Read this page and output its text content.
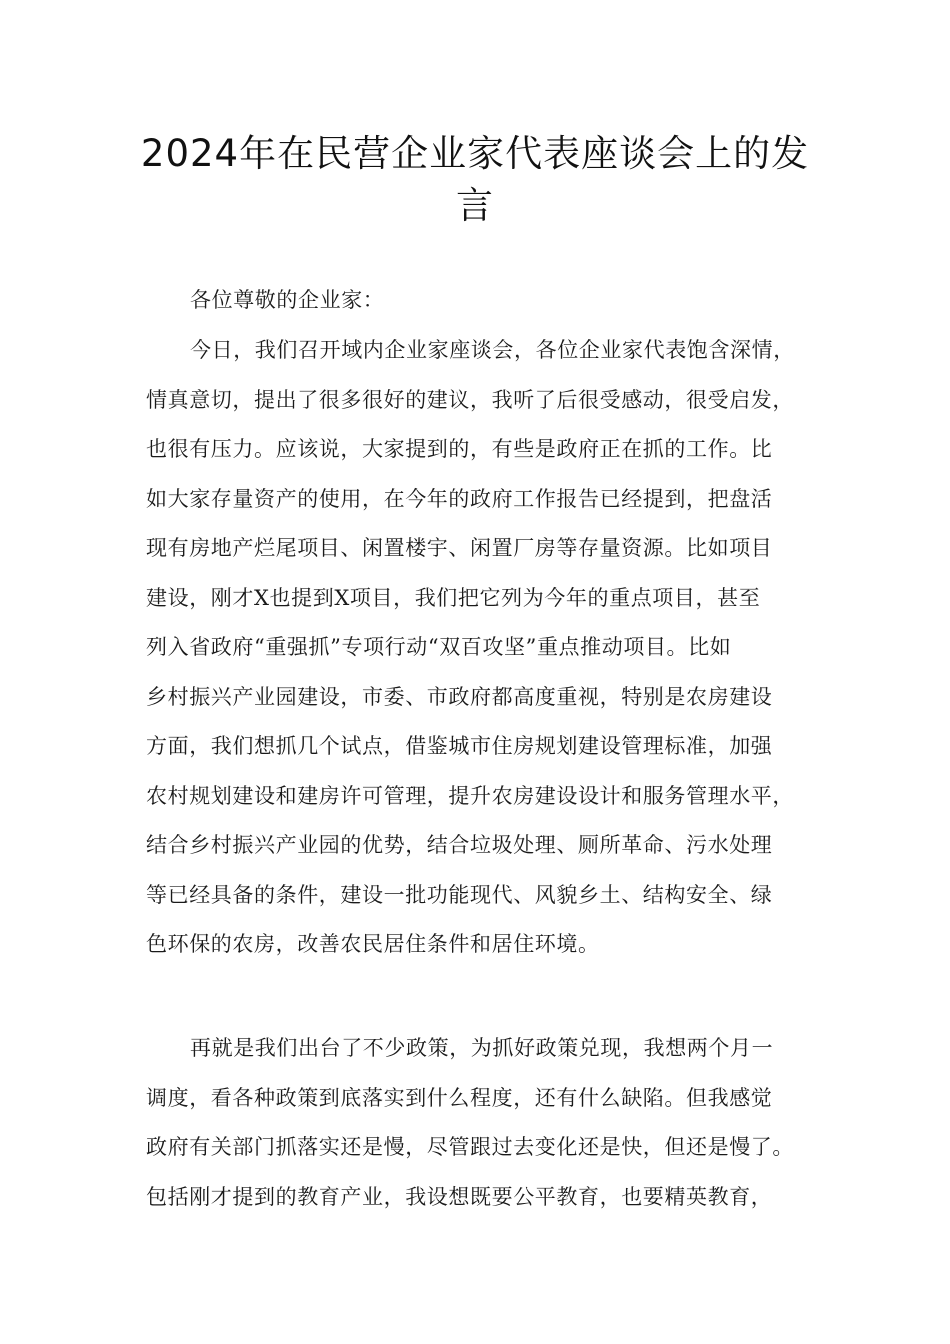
2024年在民营企业家代表座谈会上的发
言
各位尊敬的企业家：
今日，我们召开域内企业家座谈会，各位企业家代表饱含深情，
情真意切，提出了很多很好的建议，我听了后很受感动，很受启发，
也很有压力。应该说，大家提到的，有些是政府正在抓的工作。比
如大家存量资产的使用，在今年的政府工作报告已经提到，把盘活
现有房地产烂尾项目、闲置楼宇、闲置厂房等存量资源。比如项目
建设，刚才X也提到X项目，我们把它列为今年的重点项目，甚至
列入省政府“重强抓”专项行动“双百攻坚”重点推动项目。比如
乡村振兴产业园建设，市委、市政府都高度重视，特别是农房建设
方面，我们想抓几个试点，借鉴城市住房规划建设管理标准，加强
农村规划建设和建房许可管理，提升农房建设设计和服务管理水平，
结合乡村振兴产业园的优势，结合垃圾处理、厕所革命、污水处理
等已经具备的条件，建设一批功能现代、风貌乡土、结构安全、绿
色环保的农房，改善农民居住条件和居住环境。
再就是我们出台了不少政策，为抓好政策兑现，我想两个月一
调度，看各种政策到底落实到什么程度，还有什么缺陷。但我感觉
政府有关部门抓落实还是慢，尽管跟过去变化还是快，但还是慢了。
包括刚才提到的教育产业，我设想既要公平教育，也要精英教育，
